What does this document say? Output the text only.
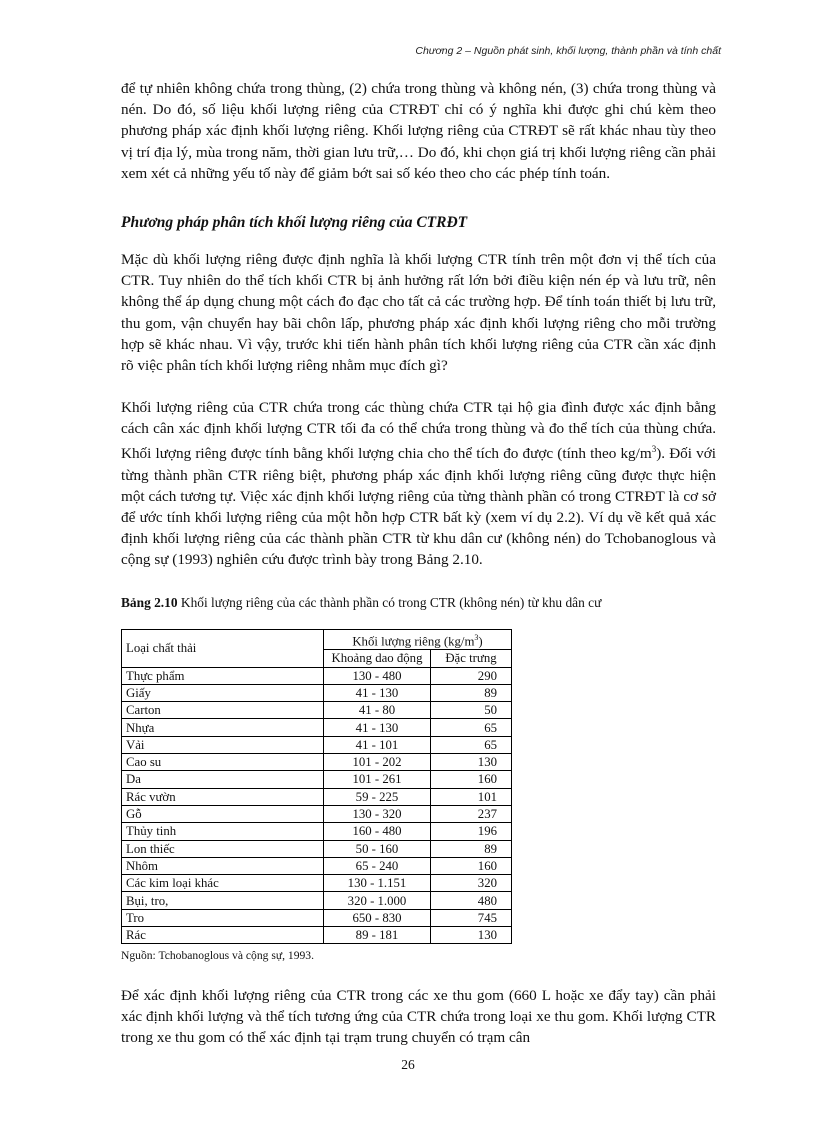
Chương 2 – Nguồn phát sinh, khối lượng, thành phần và tính chất

để tự nhiên không chứa trong thùng, (2) chứa trong thùng và không nén, (3) chứa trong thùng và nén. Do đó, số liệu khối lượng riêng của CTRĐT chỉ có ý nghĩa khi được ghi chú kèm theo phương pháp xác định khối lượng riêng. Khối lượng riêng của CTRĐT sẽ rất khác nhau tùy theo vị trí địa lý, mùa trong năm, thời gian lưu trữ,… Do đó, khi chọn giá trị khối lượng riêng cần phải xem xét cả những yếu tố này để giảm bớt sai số kéo theo cho các phép tính toán.

Phương pháp phân tích khối lượng riêng của CTRĐT

Mặc dù khối lượng riêng được định nghĩa là khối lượng CTR tính trên một đơn vị thể tích của CTR. Tuy nhiên do thể tích khối CTR bị ảnh hưởng rất lớn bởi điều kiện nén ép và lưu trữ, nên không thể áp dụng chung một cách đo đạc cho tất cả các trường hợp. Để tính toán thiết bị lưu trữ, thu gom, vận chuyển hay bãi chôn lấp, phương pháp xác định khối lượng riêng cho mỗi trường hợp sẽ khác nhau. Vì vậy, trước khi tiến hành phân tích khối lượng riêng của CTR cần xác định rõ việc phân tích khối lượng riêng nhằm mục đích gì?

Khối lượng riêng của CTR chứa trong các thùng chứa CTR tại hộ gia đình được xác định bằng cách cân xác định khối lượng CTR tối đa có thể chứa trong thùng và đo thể tích của thùng chứa. Khối lượng riêng được tính bằng khối lượng chia cho thể tích đo được (tính theo $kg/m^3$). Đối với từng thành phần CTR riêng biệt, phương pháp xác định khối lượng riêng cũng được thực hiện một cách tương tự. Việc xác định khối lượng riêng của từng thành phần có trong CTRĐT là cơ sở để ước tính khối lượng riêng của một hỗn hợp CTR bất kỳ (xem ví dụ 2.2). Ví dụ về kết quả xác định khối lượng riêng của các thành phần CTR từ khu dân cư (không nén) do Tchobanoglous và cộng sự (1993) nghiên cứu được trình bày trong Bảng 2.10.

Bảng 2.10 Khối lượng riêng của các thành phần có trong CTR (không nén) từ khu dân cư

Loại chất thải	Khối lượng riêng $(kg/m^3)$	
	Khoảng dao động	Đặc trưng
Thực phẩm	130 - 480	290
Giấy	41 - 130	89
Carton	41 - 80	50
Nhựa	41 - 130	65
Vải	41 - 101	65
Cao su	101 - 202	130
Da	101 - 261	160
Rác vườn	59 - 225	101
Gỗ	130 - 320	237
Thủy tinh	160 - 480	196
Lon thiếc	50 - 160	89
Nhôm	65 - 240	160
Các kim loại khác	130 - 1.151	320
Bụi, tro,	320 - 1.000	480
Tro	650 - 830	745
Rác	89 - 181	130

Nguồn: Tchobanoglous và cộng sự, 1993.

Để xác định khối lượng riêng của CTR trong các xe thu gom (660 L hoặc xe đẩy tay) cần phải xác định khối lượng và thể tích tương ứng của CTR chứa trong loại xe thu gom. Khối lượng CTR trong xe thu gom có thể xác định tại trạm trung chuyển có trạm cân

26
